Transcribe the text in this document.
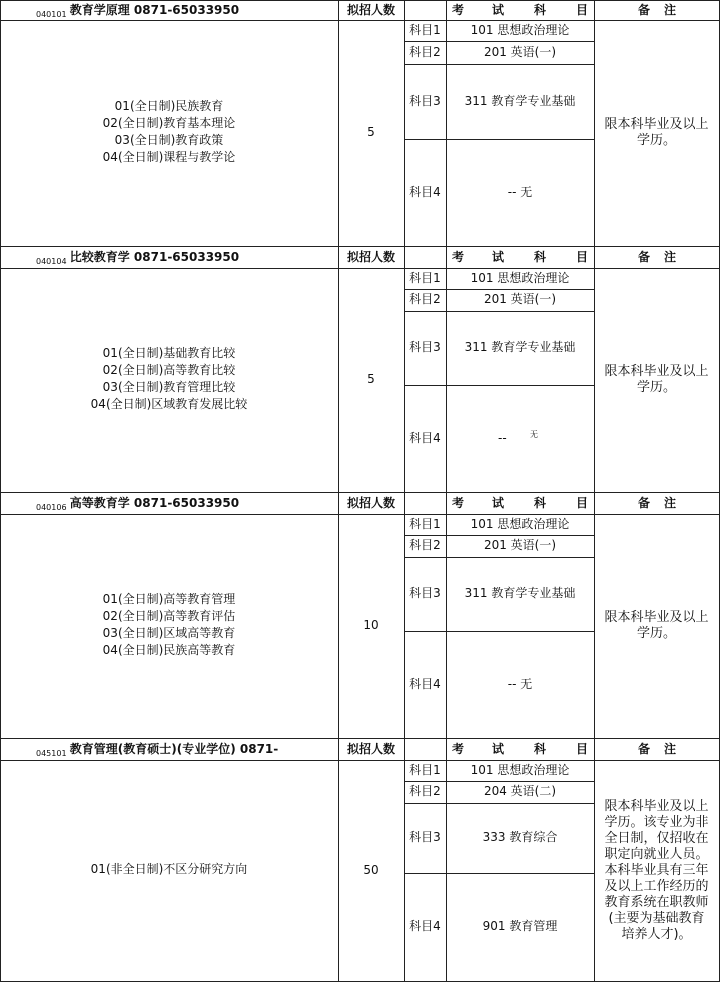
040101 教育学原理 0871-65033950	拟招人数	考 试 科 目	备 注
01(全日制)民族教育
02(全日制)教育基本理论
03(全日制)教育政策
04(全日制)课程与教学论
5
科目1	101 思想政治理论
科目2	201 英语(一)
科目3	311 教育学专业基础
科目4	-- 无
限本科毕业及以上
学历。
040104 比较教育学 0871-65033950	拟招人数	考 试 科 目	备 注
01(全日制)基础教育比较
02(全日制)高等教育比较
03(全日制)教育管理比较
04(全日制)区域教育发展比较
5
科目1	101 思想政治理论
科目2	201 英语(一)
科目3	311 教育学专业基础
科目4	--	无
限本科毕业及以上
学历。
040106 高等教育学 0871-65033950	拟招人数	考 试 科 目	备 注
01(全日制)高等教育管理
02(全日制)高等教育评估
03(全日制)区域高等教育
04(全日制)民族高等教育
10
科目1	101 思想政治理论
科目2	201 英语(一)
科目3	311 教育学专业基础
科目4	-- 无
限本科毕业及以上
学历。
045101 教育管理(教育硕士)(专业学位) 0871-	拟招人数	考 试 科 目	备 注
01(非全日制)不区分研究方向	50
科目1	101 思想政治理论
科目2	204 英语(二)
科目3	333 教育综合
科目4	901 教育管理
限本科毕业及以上
学历。该专业为非
全日制，仅招收在
职定向就业人员。
本科毕业具有三年
及以上工作经历的
教育系统在职教师
(主要为基础教育
培养人才)。
